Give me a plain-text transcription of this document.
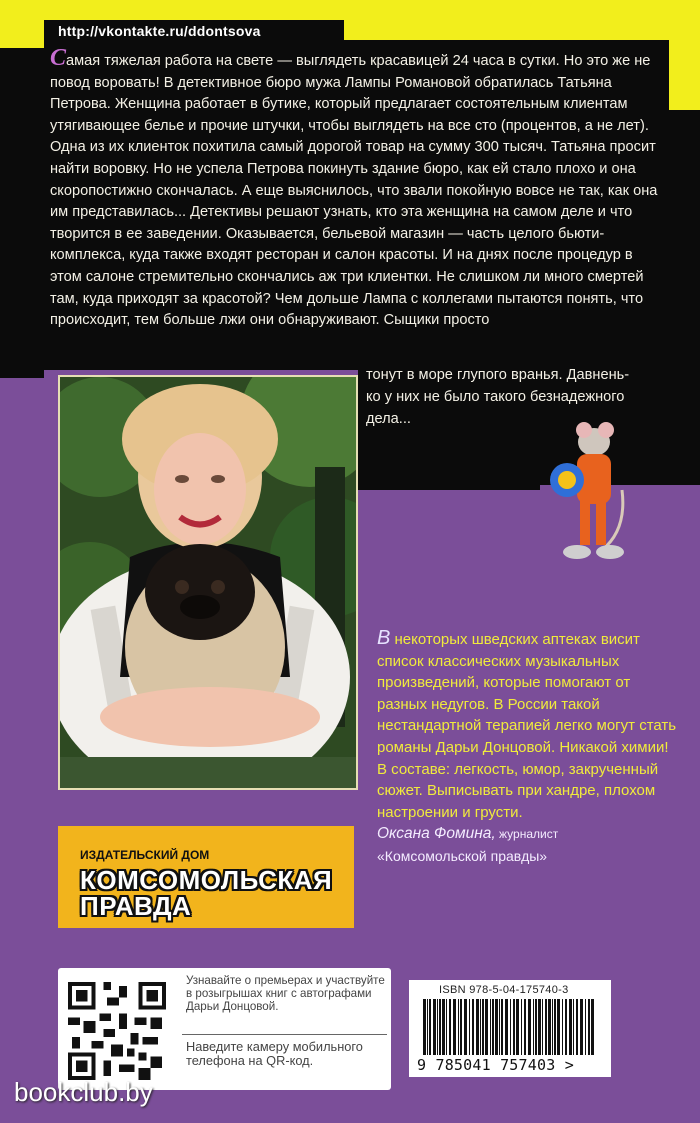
http://vkontakte.ru/ddontsova

Самая тяжелая работа на свете — выглядеть красавицей 24 часа в сутки. Но это же не повод воровать! В детективное бюро мужа Лампы Романовой обратилась Татьяна Петрова. Женщина работает в бутике, который предлагает состоятельным клиентам утягивающее белье и прочие штучки, чтобы выглядеть на все сто (процентов, а не лет). Одна из их клиенток похитила самый дорогой товар на сумму 300 тысяч. Татьяна просит найти воровку. Но не успела Петрова покинуть здание бюро, как ей стало плохо и она скоропостижно скончалась. А еще выяснилось, что звали покойную вовсе не так, как она им представилась... Детективы решают узнать, кто эта женщина на самом деле и что творится в ее заведении. Оказывается, бельевой магазин — часть целого бьюти-комплекса, куда также входят ресторан и салон красоты. И на днях после процедур в этом салоне стремительно скончались аж три клиентки. Не слишком ли много смертей там, куда приходят за красотой? Чем дольше Лампа с коллегами пытаются понять, что происходит, тем больше лжи они обнаруживают. Сыщики просто

тонут в море глупого вранья. Давнень-
ко у них не было такого безнадежного
дела...
В некоторых шведских аптеках висит список классических музыкальных произведений, которые помогают от разных недугов. В России такой нестандартной терапией легко могут стать романы Дарьи Донцовой. Никакой химии! В составе: легкость, юмор, закрученный сюжет. Выписывать при хандре, плохом настроении и грусти.
Оксана Фомина, журналист
«Комсомольской правды»
ИЗДАТЕЛЬСКИЙ ДОМ
КОМСОМОЛЬСКАЯ
ПРАВДА
Узнавайте о премьерах и участвуйте в розыгрышах книг с автографами Дарьи Донцовой.
Наведите камеру мобильного телефона на QR-код.
ISBN 978-5-04-175740-3
9 785041 757403 >
bookclub.by
